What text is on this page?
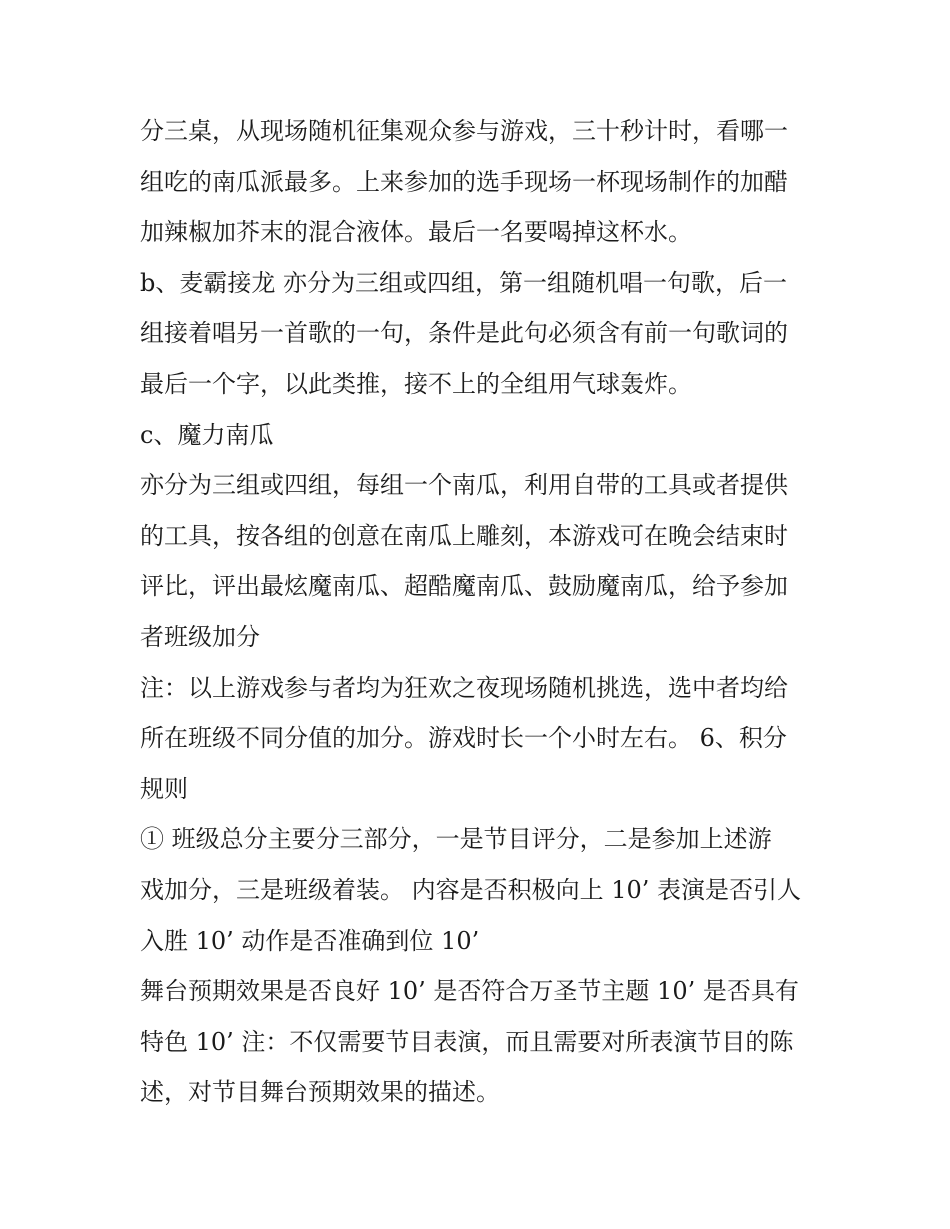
分三桌，从现场随机征集观众参与游戏，三十秒计时，看哪一
组吃的南瓜派最多。上来参加的选手现场一杯现场制作的加醋
加辣椒加芥末的混合液体。最后一名要喝掉这杯水。
b、麦霸接龙 亦分为三组或四组，第一组随机唱一句歌，后一
组接着唱另一首歌的一句，条件是此句必须含有前一句歌词的
最后一个字，以此类推，接不上的全组用气球轰炸。
c、魔力南瓜
亦分为三组或四组，每组一个南瓜，利用自带的工具或者提供
的工具，按各组的创意在南瓜上雕刻，本游戏可在晚会结束时
评比，评出最炫魔南瓜、超酷魔南瓜、鼓励魔南瓜，给予参加
者班级加分
注：以上游戏参与者均为狂欢之夜现场随机挑选，选中者均给
所在班级不同分值的加分。游戏时长一个小时左右。 6、积分
规则
① 班级总分主要分三部分，一是节目评分，二是参加上述游
戏加分，三是班级着装。 内容是否积极向上 10’ 表演是否引人
入胜 10’ 动作是否准确到位 10’
舞台预期效果是否良好 10’ 是否符合万圣节主题 10’ 是否具有
特色 10’ 注：不仅需要节目表演，而且需要对所表演节目的陈
述，对节目舞台预期效果的描述。
